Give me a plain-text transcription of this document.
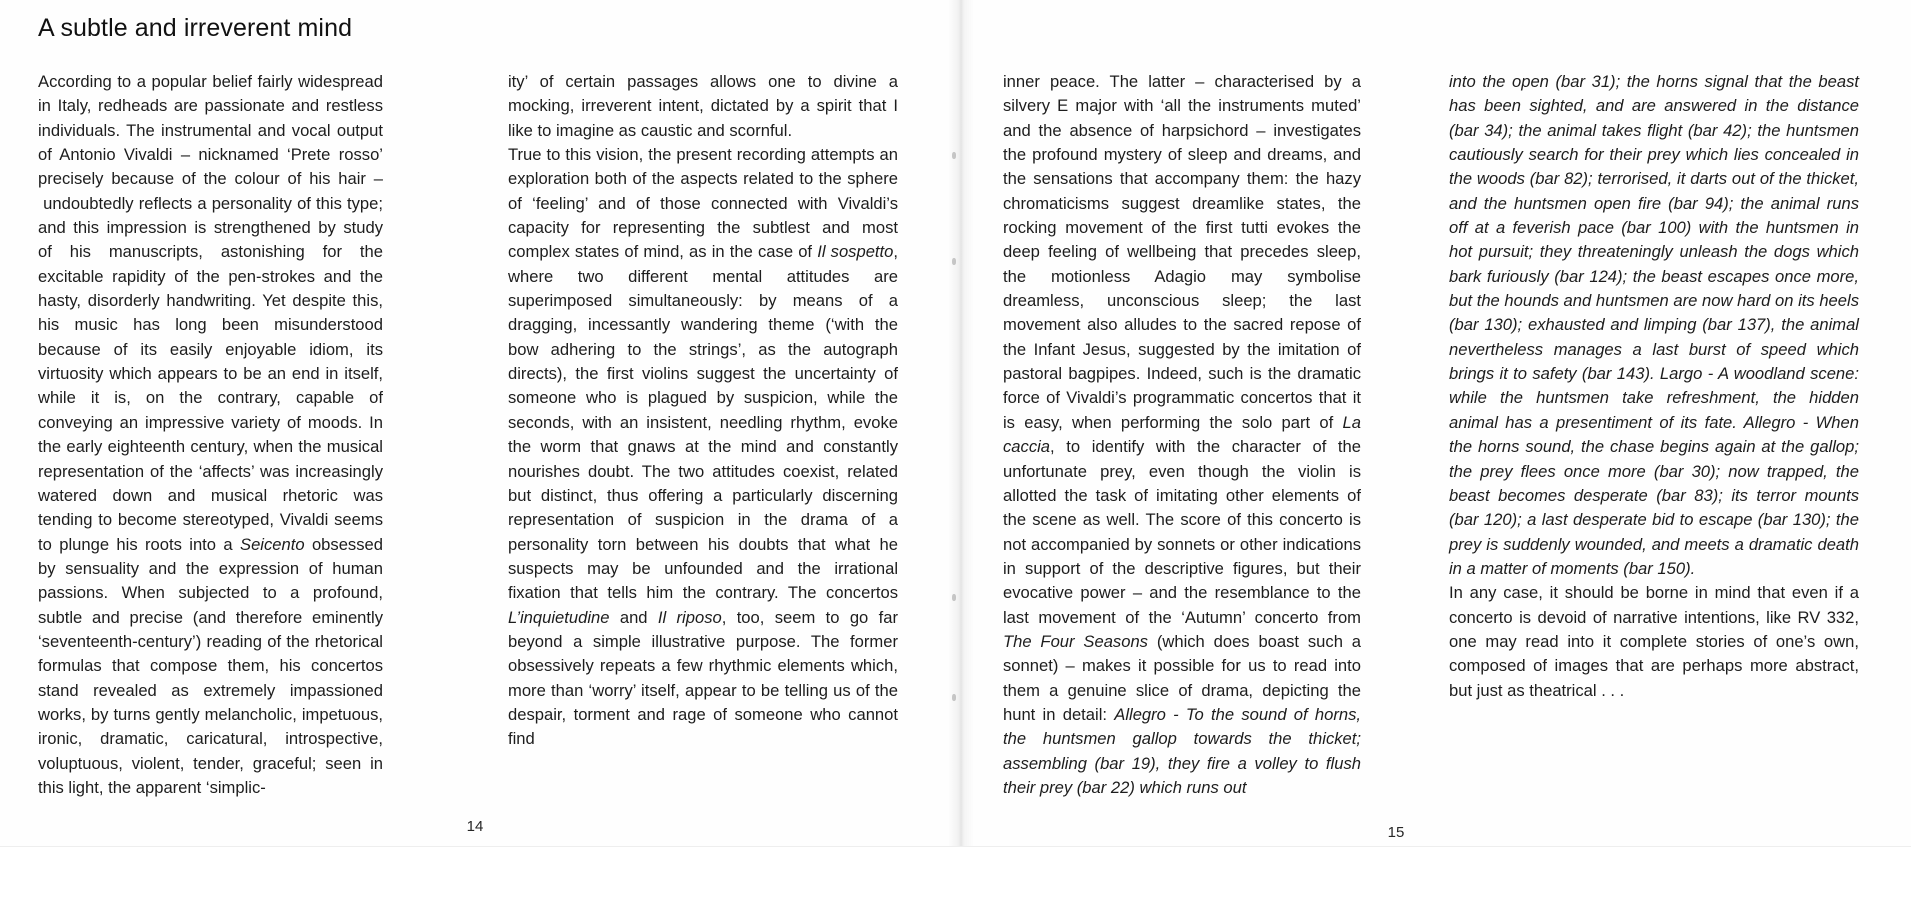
A subtle and irreverent mind

According to a popular belief fairly widespread in Italy, redheads are passionate and restless individuals. The instrumental and vocal output of Antonio Vivaldi – nicknamed ‘Prete rosso’ precisely because of the colour of his hair – undoubtedly reflects a personality of this type; and this impression is strengthened by study of his manuscripts, astonishing for the excitable rapidity of the pen-strokes and the hasty, disorderly handwriting. Yet despite this, his music has long been misunderstood because of its easily enjoyable idiom, its virtuosity which appears to be an end in itself, while it is, on the contrary, capable of conveying an impressive variety of moods. In the early eighteenth century, when the musical representation of the ‘affects’ was increasingly watered down and musical rhetoric was tending to become stereotyped, Vivaldi seems to plunge his roots into a Seicento obsessed by sensuality and the expression of human passions. When subjected to a profound, subtle and precise (and therefore eminently ‘seventeenth-century’) reading of the rhetorical formulas that compose them, his concertos stand revealed as extremely impassioned works, by turns gently melancholic, impetuous, ironic, dramatic, caricatural, introspective, voluptuous, violent, tender, graceful; seen in this light, the apparent ‘simplic-

ity’ of certain passages allows one to divine a mocking, irreverent intent, dictated by a spirit that I like to imagine as caustic and scornful.

True to this vision, the present recording attempts an exploration both of the aspects related to the sphere of ‘feeling’ and of those connected with Vivaldi’s capacity for representing the subtlest and most complex states of mind, as in the case of Il sospetto, where two different mental attitudes are superimposed simultaneously: by means of a dragging, incessantly wandering theme (‘with the bow adhering to the strings’, as the autograph directs), the first violins suggest the uncertainty of someone who is plagued by suspicion, while the seconds, with an insistent, needling rhythm, evoke the worm that gnaws at the mind and constantly nourishes doubt. The two attitudes coexist, related but distinct, thus offering a particularly discerning representation of suspicion in the drama of a personality torn between his doubts that what he suspects may be unfounded and the irrational fixation that tells him the contrary. The concertos L’inquietudine and Il riposo, too, seem to go far beyond a simple illustrative purpose. The former obsessively repeats a few rhythmic elements which, more than ‘worry’ itself, appear to be telling us of the despair, torment and rage of someone who cannot find

inner peace. The latter – characterised by a silvery E major with ‘all the instruments muted’ and the absence of harpsichord – investigates the profound mystery of sleep and dreams, and the sensations that accompany them: the hazy chromaticisms suggest dreamlike states, the rocking movement of the first tutti evokes the deep feeling of wellbeing that precedes sleep, the motionless Adagio may symbolise dreamless, unconscious sleep; the last movement also alludes to the sacred repose of the Infant Jesus, suggested by the imitation of pastoral bagpipes. Indeed, such is the dramatic force of Vivaldi’s programmatic concertos that it is easy, when performing the solo part of La caccia, to identify with the character of the unfortunate prey, even though the violin is allotted the task of imitating other elements of the scene as well. The score of this concerto is not accompanied by sonnets or other indications in support of the descriptive figures, but their evocative power – and the resemblance to the last movement of the ‘Autumn’ concerto from The Four Seasons (which does boast such a sonnet) – makes it possible for us to read into them a genuine slice of drama, depicting the hunt in detail: Allegro - To the sound of horns, the huntsmen gallop towards the thicket; assembling (bar 19), they fire a volley to flush their prey (bar 22) which runs out

into the open (bar 31); the horns signal that the beast has been sighted, and are answered in the distance (bar 34); the animal takes flight (bar 42); the huntsmen cautiously search for their prey which lies concealed in the woods (bar 82); terrorised, it darts out of the thicket, and the huntsmen open fire (bar 94); the animal runs off at a feverish pace (bar 100) with the huntsmen in hot pursuit; they threateningly unleash the dogs which bark furiously (bar 124); the beast escapes once more, but the hounds and huntsmen are now hard on its heels (bar 130); exhausted and limping (bar 137), the animal nevertheless manages a last burst of speed which brings it to safety (bar 143). Largo - A woodland scene: while the huntsmen take refreshment, the hidden animal has a presentiment of its fate. Allegro - When the horns sound, the chase begins again at the gallop; the prey flees once more (bar 30); now trapped, the beast becomes desperate (bar 83); its terror mounts (bar 120); a last desperate bid to escape (bar 130); the prey is suddenly wounded, and meets a dramatic death in a matter of moments (bar 150).

In any case, it should be borne in mind that even if a concerto is devoid of narrative intentions, like RV 332, one may read into it complete stories of one’s own, composed of images that are perhaps more abstract, but just as theatrical . . .

14	15
